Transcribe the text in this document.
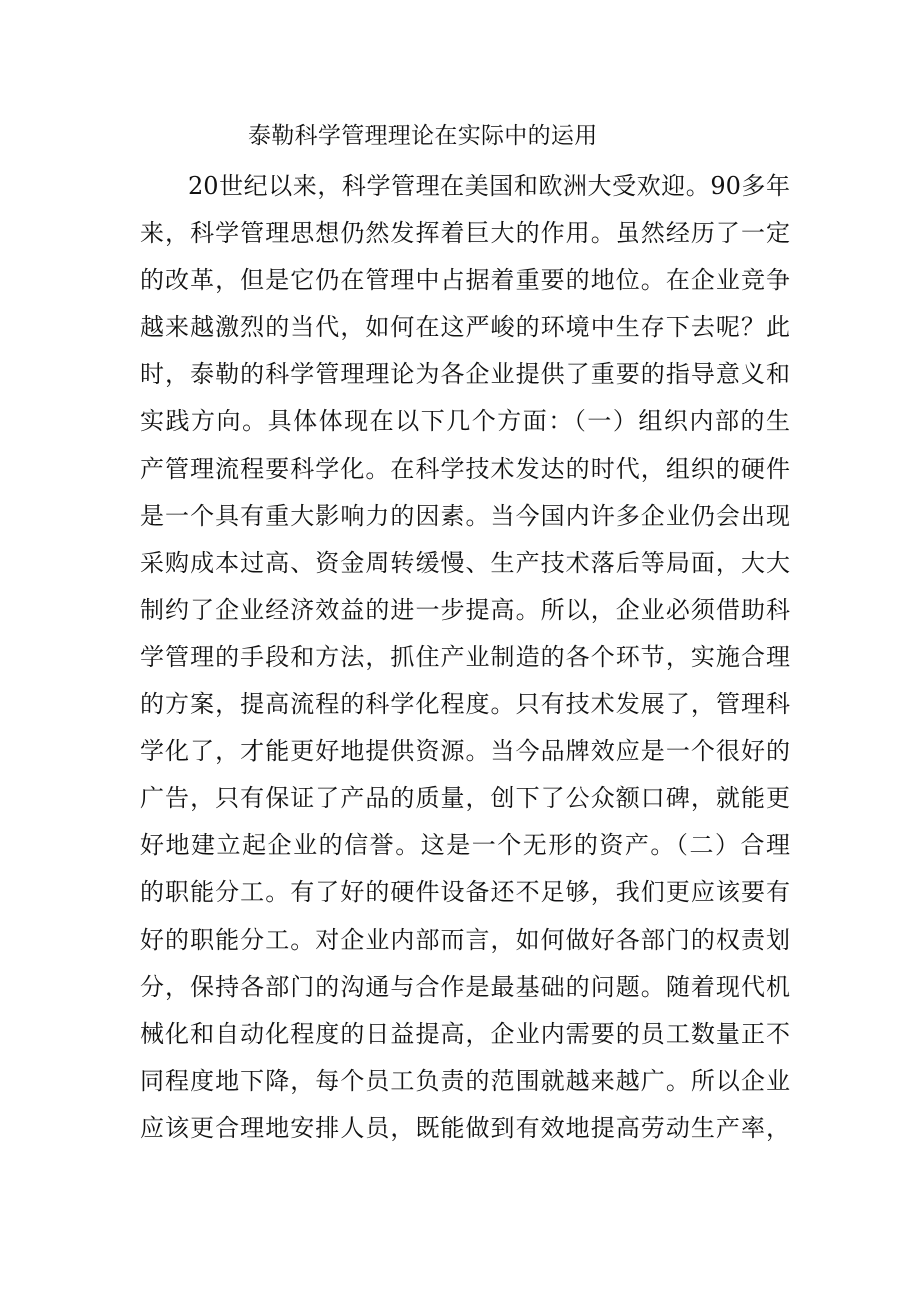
泰勒科学管理理论在实际中的运用
20世纪以来，科学管理在美国和欧洲大受欢迎。90多年
来，科学管理思想仍然发挥着巨大的作用。虽然经历了一定
的改革，但是它仍在管理中占据着重要的地位。在企业竞争
越来越激烈的当代，如何在这严峻的环境中生存下去呢？此
时，泰勒的科学管理理论为各企业提供了重要的指导意义和
实践方向。具体体现在以下几个方面：（一）组织内部的生
产管理流程要科学化。在科学技术发达的时代，组织的硬件
是一个具有重大影响力的因素。当今国内许多企业仍会出现
采购成本过高、资金周转缓慢、生产技术落后等局面，大大
制约了企业经济效益的进一步提高。所以，企业必须借助科
学管理的手段和方法，抓住产业制造的各个环节，实施合理
的方案，提高流程的科学化程度。只有技术发展了，管理科
学化了，才能更好地提供资源。当今品牌效应是一个很好的
广告，只有保证了产品的质量，创下了公众额口碑，就能更
好地建立起企业的信誉。这是一个无形的资产。（二）合理
的职能分工。有了好的硬件设备还不足够，我们更应该要有
好的职能分工。对企业内部而言，如何做好各部门的权责划
分，保持各部门的沟通与合作是最基础的问题。随着现代机
械化和自动化程度的日益提高，企业内需要的员工数量正不
同程度地下降，每个员工负责的范围就越来越广。所以企业
应该更合理地安排人员，既能做到有效地提高劳动生产率，
